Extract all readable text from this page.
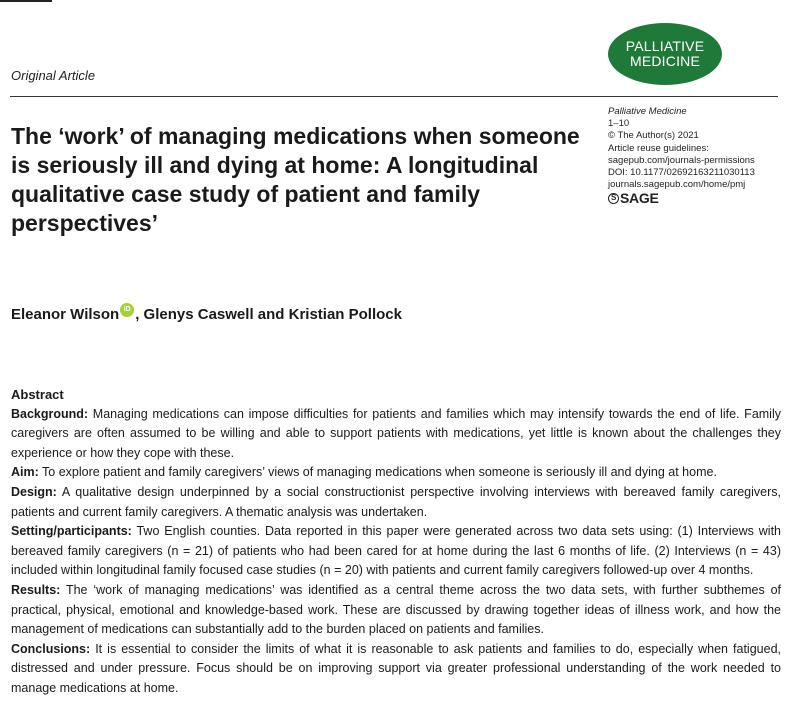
Original Article
PALLIATIVE
MEDICINE
Palliative Medicine
1–10
© The Author(s) 2021
Article reuse guidelines:
sagepub.com/journals-permissions
DOI: 10.1177/02692163211030113
journals.sagepub.com/home/pmj
S SAGE
The ‘work’ of managing medications when someone is seriously ill and dying at home: A longitudinal qualitative case study of patient and family perspectives’
Eleanor Wilson iD , Glenys Caswell and Kristian Pollock
Abstract

Background: Managing medications can impose difficulties for patients and families which may intensify towards the end of life. Family caregivers are often assumed to be willing and able to support patients with medications, yet little is known about the challenges they experience or how they cope with these.

Aim: To explore patient and family caregivers’ views of managing medications when someone is seriously ill and dying at home.

Design: A qualitative design underpinned by a social constructionist perspective involving interviews with bereaved family caregivers, patients and current family caregivers. A thematic analysis was undertaken.

Setting/participants: Two English counties. Data reported in this paper were generated across two data sets using: (1) Interviews with bereaved family caregivers (n = 21) of patients who had been cared for at home during the last 6 months of life. (2) Interviews (n = 43) included within longitudinal family focused case studies (n = 20) with patients and current family caregivers followed-up over 4 months.

Results: The ‘work of managing medications’ was identified as a central theme across the two data sets, with further subthemes of practical, physical, emotional and knowledge-based work. These are discussed by drawing together ideas of illness work, and how the management of medications can substantially add to the burden placed on patients and families.

Conclusions: It is essential to consider the limits of what it is reasonable to ask patients and families to do, especially when fatigued, distressed and under pressure. Focus should be on improving support via greater professional understanding of the work needed to manage medications at home.
